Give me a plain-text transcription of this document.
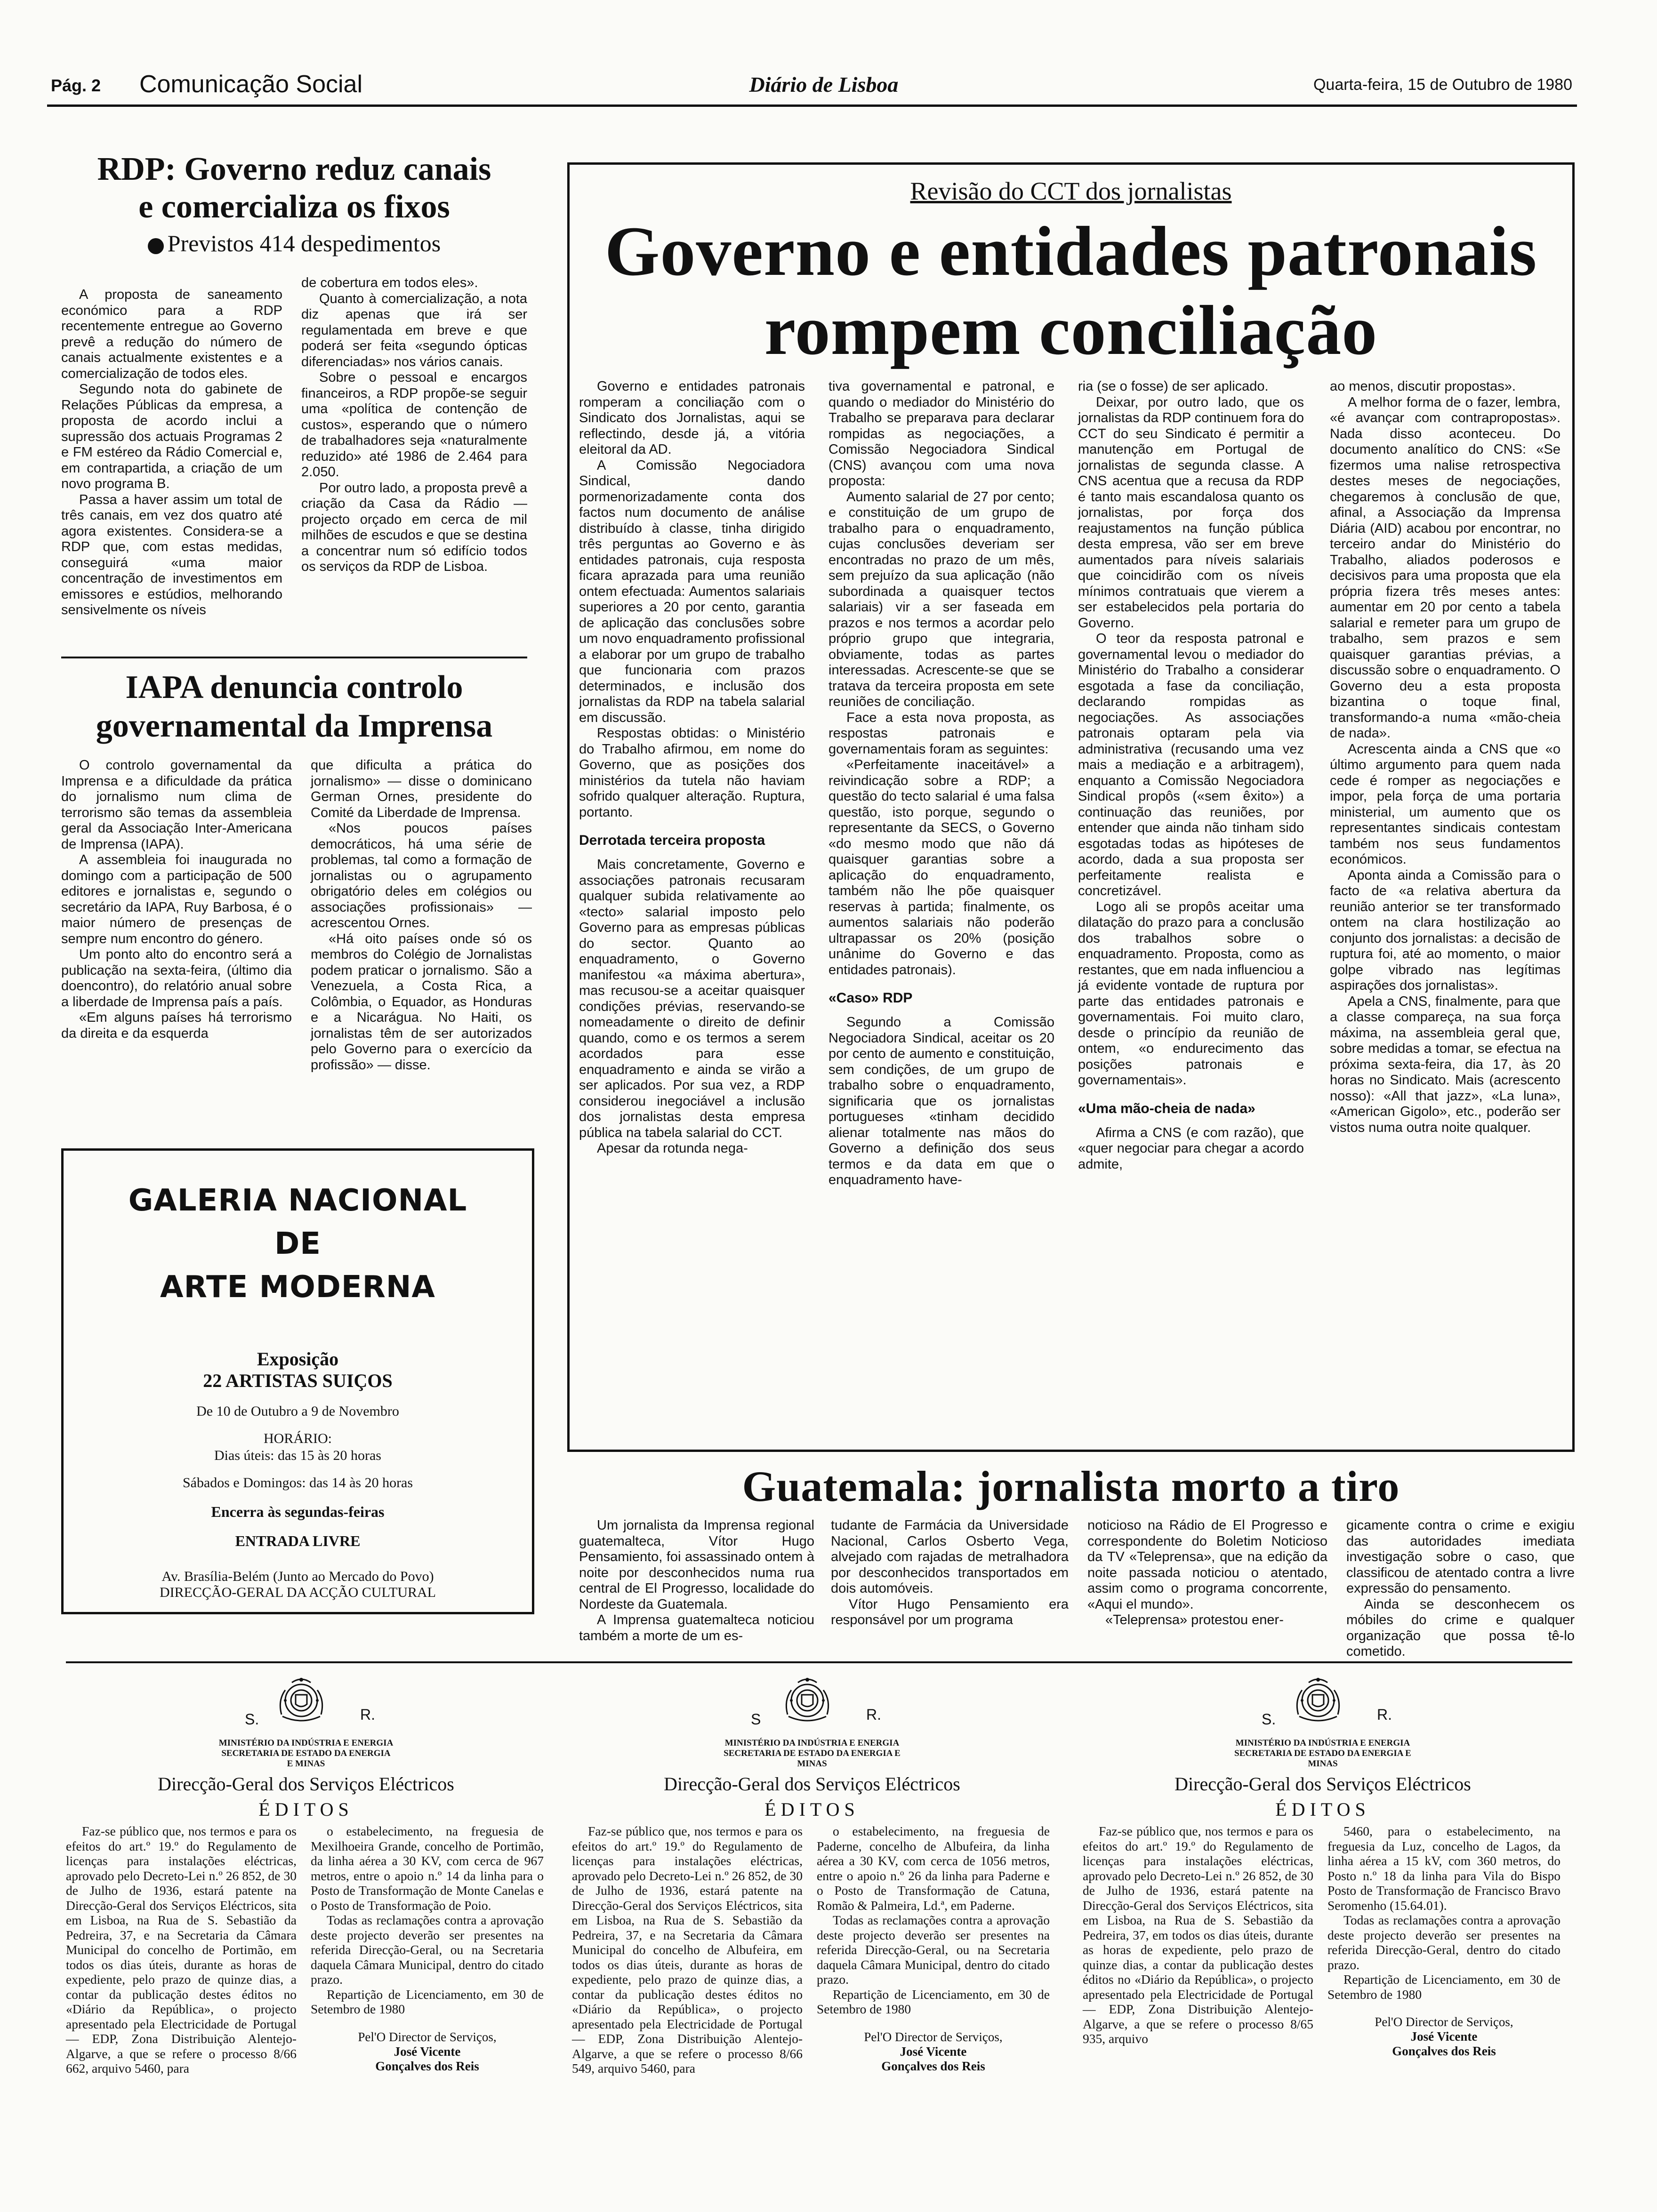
Pág. 2 Comunicação Social	Diário de Lisboa	Quarta-feira, 15 de Outubro de 1980
RDP: Governo reduz canais
e comercializa os fixos
Previstos 414 despedimentos

A proposta de saneamento económico para a RDP recentemente entregue ao Governo prevê a redução do número de canais actualmente existentes e a comercialização de todos eles.

Segundo nota do gabinete de Relações Públicas da empresa, a proposta de acordo inclui a supressão dos actuais Programas 2 e FM estéreo da Rádio Comercial e, em contrapartida, a criação de um novo programa B.

Passa a haver assim um total de três canais, em vez dos quatro até agora existentes. Considera-se a RDP que, com estas medidas, conseguirá «uma maior concentração de investimentos em emissores e estúdios, melhorando sensivelmente os níveis

de cobertura em todos eles».

Quanto à comercialização, a nota diz apenas que irá ser regulamentada em breve e que poderá ser feita «segundo ópticas diferenciadas» nos vários canais.

Sobre o pessoal e encargos financeiros, a RDP propõe-se seguir uma «política de contenção de custos», esperando que o número de trabalhadores seja «naturalmente reduzido» até 1986 de 2.464 para 2.050.

Por outro lado, a proposta prevê a criação da Casa da Rádio — projecto orçado em cerca de mil milhões de escudos e que se destina a concentrar num só edifício todos os serviços da RDP de Lisboa.

IAPA denuncia controlo
governamental da Imprensa

O controlo governamental da Imprensa e a dificuldade da prática do jornalismo num clima de terrorismo são temas da assembleia geral da Associação Inter-Americana de Imprensa (IAPA).

A assembleia foi inaugurada no domingo com a participação de 500 editores e jornalistas e, segundo o secretário da IAPA, Ruy Barbosa, é o maior número de presenças de sempre num encontro do género.

Um ponto alto do encontro será a publicação na sexta-feira, (último dia doencontro), do relatório anual sobre a liberdade de Imprensa país a país.

«Em alguns países há terrorismo da direita e da esquerda

que dificulta a prática do jornalismo» — disse o dominicano German Ornes, presidente do Comité da Liberdade de Imprensa.

«Nos poucos países democráticos, há uma série de problemas, tal como a formação de jornalistas ou o agrupamento obrigatório deles em colégios ou associações profissionais» — acrescentou Ornes.

«Há oito países onde só os membros do Colégio de Jornalistas podem praticar o jornalismo. São a Venezuela, a Costa Rica, a Colômbia, o Equador, as Honduras e a Nicarágua. No Haiti, os jornalistas têm de ser autorizados pelo Governo para o exercício da profissão» — disse.

GALERIA NACIONAL
DE
ARTE MODERNA
Exposição
22 ARTISTAS SUIÇOS
De 10 de Outubro a 9 de Novembro
HORÁRIO:
Dias úteis: das 15 às 20 horas
Sábados e Domingos: das 14 às 20 horas
Encerra às segundas-feiras
ENTRADA LIVRE
Av. Brasília-Belém (Junto ao Mercado do Povo)
DIRECÇÃO-GERAL DA ACÇÃO CULTURAL
Revisão do CCT dos jornalistas
Governo e entidades patronais
rompem conciliação

Governo e entidades patronais romperam a conciliação com o Sindicato dos Jornalistas, aqui se reflectindo, desde já, a vitória eleitoral da AD.

A Comissão Negociadora Sindical, dando pormenorizadamente conta dos factos num documento de análise distribuído à classe, tinha dirigido três perguntas ao Governo e às entidades patronais, cuja resposta ficara aprazada para uma reunião ontem efectuada: Aumentos salariais superiores a 20 por cento, garantia de aplicação das conclusões sobre um novo enquadramento profissional a elaborar por um grupo de trabalho que funcionaria com prazos determinados, e inclusão dos jornalistas da RDP na tabela salarial em discussão.

Respostas obtidas: o Ministério do Trabalho afirmou, em nome do Governo, que as posições dos ministérios da tutela não haviam sofrido qualquer alteração. Ruptura, portanto.

Derrotada terceira proposta

Mais concretamente, Governo e associações patronais recusaram qualquer subida relativamente ao «tecto» salarial imposto pelo Governo para as empresas públicas do sector. Quanto ao enquadramento, o Governo manifestou «a máxima abertura», mas recusou-se a aceitar quaisquer condições prévias, reservando-se nomeadamente o direito de definir quando, como e os termos a serem acordados para esse enquadramento e ainda se virão a ser aplicados. Por sua vez, a RDP considerou inegociável a inclusão dos jornalistas desta empresa pública na tabela salarial do CCT.

Apesar da rotunda nega-

tiva governamental e patronal, e quando o mediador do Ministério do Trabalho se preparava para declarar rompidas as negociações, a Comissão Negociadora Sindical (CNS) avançou com uma nova proposta:

Aumento salarial de 27 por cento; e constituição de um grupo de trabalho para o enquadramento, cujas conclusões deveriam ser encontradas no prazo de um mês, sem prejuízo da sua aplicação (não subordinada a quaisquer tectos salariais) vir a ser faseada em prazos e nos termos a acordar pelo próprio grupo que integraria, obviamente, todas as partes interessadas. Acrescente-se que se tratava da terceira proposta em sete reuniões de conciliação.

Face a esta nova proposta, as respostas patronais e governamentais foram as seguintes:

«Perfeitamente inaceitável» a reivindicação sobre a RDP; a questão do tecto salarial é uma falsa questão, isto porque, segundo o representante da SECS, o Governo «do mesmo modo que não dá quaisquer garantias sobre a aplicação do enquadramento, também não lhe põe quaisquer reservas à partida; finalmente, os aumentos salariais não poderão ultrapassar os 20% (posição unânime do Governo e das entidades patronais).

«Caso» RDP

Segundo a Comissão Negociadora Sindical, aceitar os 20 por cento de aumento e constituição, sem condições, de um grupo de trabalho sobre o enquadramento, significaria que os jornalistas portugueses «tinham decidido alienar totalmente nas mãos do Governo a definição dos seus termos e da data em que o enquadramento have-

ria (se o fosse) de ser aplicado.

Deixar, por outro lado, que os jornalistas da RDP continuem fora do CCT do seu Sindicato é permitir a manutenção em Portugal de jornalistas de segunda classe. A CNS acentua que a recusa da RDP é tanto mais escandalosa quanto os jornalistas, por força dos reajustamentos na função pública desta empresa, vão ser em breve aumentados para níveis salariais que coincidirão com os níveis mínimos contratuais que vierem a ser estabelecidos pela portaria do Governo.

O teor da resposta patronal e governamental levou o mediador do Ministério do Trabalho a considerar esgotada a fase da conciliação, declarando rompidas as negociações. As associações patronais optaram pela via administrativa (recusando uma vez mais a mediação e a arbitragem), enquanto a Comissão Negociadora Sindical propôs («sem êxito») a continuação das reuniões, por entender que ainda não tinham sido esgotadas todas as hipóteses de acordo, dada a sua proposta ser perfeitamente realista e concretizável.

Logo ali se propôs aceitar uma dilatação do prazo para a conclusão dos trabalhos sobre o enquadramento. Proposta, como as restantes, que em nada influenciou a já evidente vontade de ruptura por parte das entidades patronais e governamentais. Foi muito claro, desde o princípio da reunião de ontem, «o endurecimento das posições patronais e governamentais».

«Uma mão-cheia de nada»

Afirma a CNS (e com razão), que «quer negociar para chegar a acordo admite,

ao menos, discutir propostas».

A melhor forma de o fazer, lembra, «é avançar com contrapropostas». Nada disso aconteceu. Do documento analítico do CNS: «Se fizermos uma nalise retrospectiva destes meses de negociações, chegaremos à conclusão de que, afinal, a Associação da Imprensa Diária (AID) acabou por encontrar, no terceiro andar do Ministério do Trabalho, aliados poderosos e decisivos para uma proposta que ela própria fizera três meses antes: aumentar em 20 por cento a tabela salarial e remeter para um grupo de trabalho, sem prazos e sem quaisquer garantias prévias, a discussão sobre o enquadramento. O Governo deu a esta proposta bizantina o toque final, transformando-a numa «mão-cheia de nada».

Acrescenta ainda a CNS que «o último argumento para quem nada cede é romper as negociações e impor, pela força de uma portaria ministerial, um aumento que os representantes sindicais contestam também nos seus fundamentos económicos.

Aponta ainda a Comissão para o facto de «a relativa abertura da reunião anterior se ter transformado ontem na clara hostilização ao conjunto dos jornalistas: a decisão de ruptura foi, até ao momento, o maior golpe vibrado nas legítimas aspirações dos jornalistas».

Apela a CNS, finalmente, para que a classe compareça, na sua força máxima, na assembleia geral que, sobre medidas a tomar, se efectua na próxima sexta-feira, dia 17, às 20 horas no Sindicato. Mais (acrescento nosso): «All that jazz», «La luna», «American Gigolo», etc., poderão ser vistos numa outra noite qualquer.

Guatemala: jornalista morto a tiro

Um jornalista da Imprensa regional guatemalteca, Vítor Hugo Pensamiento, foi assassinado ontem à noite por desconhecidos numa rua central de El Progresso, localidade do Nordeste da Guatemala.

A Imprensa guatemalteca noticiou também a morte de um es-

tudante de Farmácia da Universidade Nacional, Carlos Osberto Vega, alvejado com rajadas de metralhadora por desconhecidos transportados em dois automóveis.

Vítor Hugo Pensamiento era responsável por um programa

noticioso na Rádio de El Progresso e correspondente do Boletim Noticioso da TV «Teleprensa», que na edição da noite passada noticiou o atentado, assim como o programa concorrente, «Aqui el mundo».

«Teleprensa» protestou ener-

gicamente contra o crime e exigiu das autoridades imediata investigação sobre o caso, que classificou de atentado contra a livre expressão do pensamento.

Ainda se desconhecem os móbiles do crime e qualquer organização que possa tê-lo cometido.

S.	R.
MINISTÉRIO DA INDÚSTRIA E ENERGIA
SECRETARIA DE ESTADO DA ENERGIA
E MINAS
Direcção-Geral dos Serviços Eléctricos
ÉDITOS

Faz-se público que, nos termos e para os efeitos do art.º 19.º do Regulamento de licenças para instalações eléctricas, aprovado pelo Decreto-Lei n.º 26 852, de 30 de Julho de 1936, estará patente na Direcção-Geral dos Serviços Eléctricos, sita em Lisboa, na Rua de S. Sebastião da Pedreira, 37, e na Secretaria da Câmara Municipal do concelho de Portimão, em todos os dias úteis, durante as horas de expediente, pelo prazo de quinze dias, a contar da publicação destes éditos no «Diário da República», o projecto apresentado pela Electricidade de Portugal — EDP, Zona Distribuição Alentejo-Algarve, a que se refere o processo 8/66 662, arquivo 5460, para

o estabelecimento, na freguesia de Mexilhoeira Grande, concelho de Portimão, da linha aérea a 30 KV, com cerca de 967 metros, entre o apoio n.º 14 da linha para o Posto de Transformação de Monte Canelas e o Posto de Transformação de Poio.

Todas as reclamações contra a aprovação deste projecto deverão ser presentes na referida Direcção-Geral, ou na Secretaria daquela Câmara Municipal, dentro do citado prazo.

Repartição de Licenciamento, em 30 de Setembro de 1980

Pel'O Director de Serviços,
José Vicente
Gonçalves dos Reis
S	R.
MINISTÉRIO DA INDÚSTRIA E ENERGIA
SECRETARIA DE ESTADO DA ENERGIA E
MINAS
Direcção-Geral dos Serviços Eléctricos
ÉDITOS

Faz-se público que, nos termos e para os efeitos do art.º 19.º do Regulamento de licenças para instalações eléctricas, aprovado pelo Decreto-Lei n.º 26 852, de 30 de Julho de 1936, estará patente na Direcção-Geral dos Serviços Eléctricos, sita em Lisboa, na Rua de S. Sebastião da Pedreira, 37, e na Secretaria da Câmara Municipal do concelho de Albufeira, em todos os dias úteis, durante as horas de expediente, pelo prazo de quinze dias, a contar da publicação destes éditos no «Diário da República», o projecto apresentado pela Electricidade de Portugal — EDP, Zona Distribuição Alentejo-Algarve, a que se refere o processo 8/66 549, arquivo 5460, para

o estabelecimento, na freguesia de Paderne, concelho de Albufeira, da linha aérea a 30 KV, com cerca de 1056 metros, entre o apoio n.º 26 da linha para Paderne e o Posto de Transformação de Catuna, Romão & Palmeira, Ld.ª, em Paderne.

Todas as reclamações contra a aprovação deste projecto deverão ser presentes na referida Direcção-Geral, ou na Secretaria daquela Câmara Municipal, dentro do citado prazo.

Repartição de Licenciamento, em 30 de Setembro de 1980

Pel'O Director de Serviços,
José Vicente
Gonçalves dos Reis
S.	R.
MINISTÉRIO DA INDÚSTRIA E ENERGIA
SECRETARIA DE ESTADO DA ENERGIA E
MINAS
Direcção-Geral dos Serviços Eléctricos
ÉDITOS

Faz-se público que, nos termos e para os efeitos do art.º 19.º do Regulamento de licenças para instalações eléctricas, aprovado pelo Decreto-Lei n.º 26 852, de 30 de Julho de 1936, estará patente na Direcção-Geral dos Serviços Eléctricos, sita em Lisboa, na Rua de S. Sebastião da Pedreira, 37, em todos os dias úteis, durante as horas de expediente, pelo prazo de quinze dias, a contar da publicação destes éditos no «Diário da República», o projecto apresentado pela Electricidade de Portugal — EDP, Zona Distribuição Alentejo-Algarve, a que se refere o processo 8/65 935, arquivo

5460, para o estabelecimento, na freguesia da Luz, concelho de Lagos, da linha aérea a 15 kV, com 360 metros, do Posto n.º 18 da linha para Vila do Bispo Posto de Transformação de Francisco Bravo Seromenho (15.64.01).

Todas as reclamações contra a aprovação deste projecto deverão ser presentes na referida Direcção-Geral, dentro do citado prazo.

Repartição de Licenciamento, em 30 de Setembro de 1980

Pel'O Director de Serviços,
José Vicente
Gonçalves dos Reis
